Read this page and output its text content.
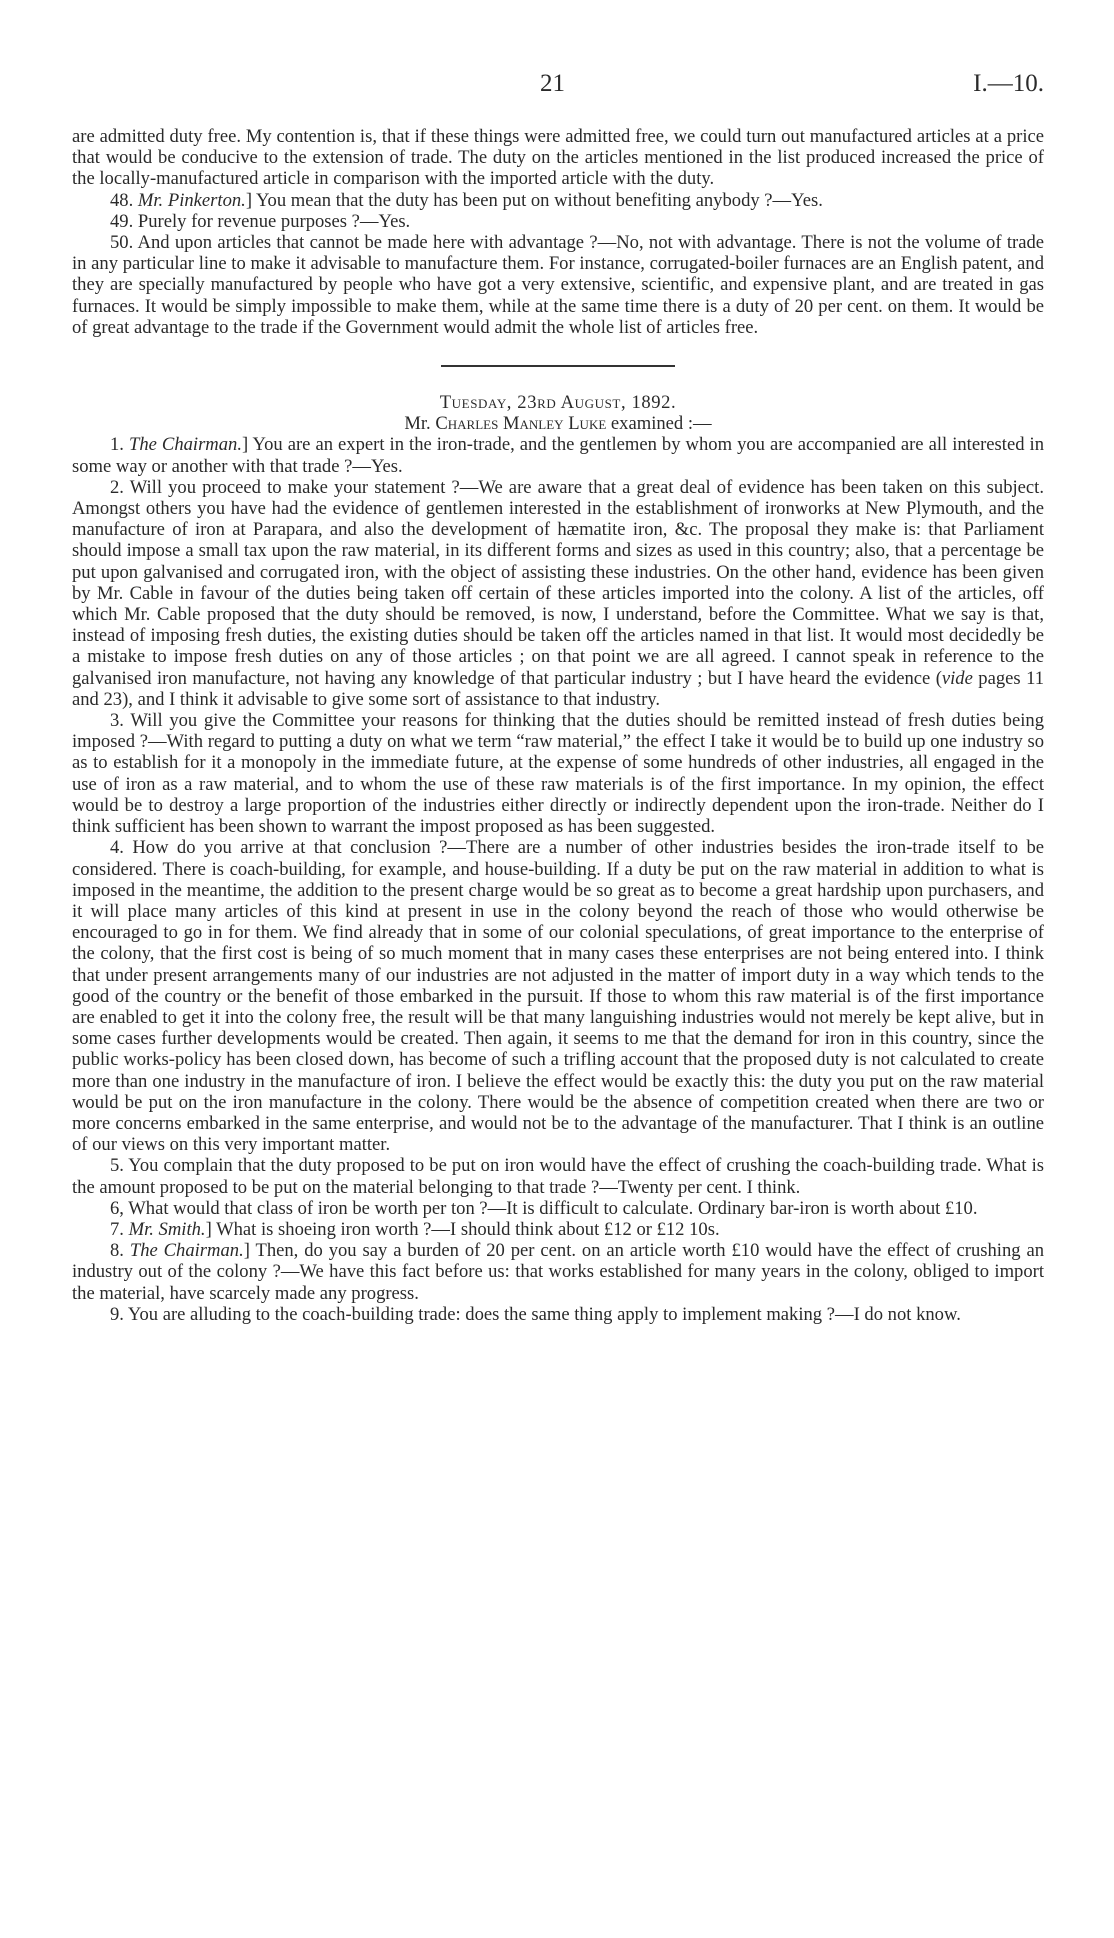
21	I.—10.

are admitted duty free. My contention is, that if these things were admitted free, we could turn out manufactured articles at a price that would be conducive to the extension of trade. The duty on the articles mentioned in the list produced increased the price of the locally-manufactured article in comparison with the imported article with the duty.

48. Mr. Pinkerton.] You mean that the duty has been put on without benefiting anybody ?—Yes.

49. Purely for revenue purposes ?—Yes.

50. And upon articles that cannot be made here with advantage ?—No, not with advantage. There is not the volume of trade in any particular line to make it advisable to manufacture them. For instance, corrugated-boiler furnaces are an English patent, and they are specially manufactured by people who have got a very extensive, scientific, and expensive plant, and are treated in gas furnaces. It would be simply impossible to make them, while at the same time there is a duty of 20 per cent. on them. It would be of great advantage to the trade if the Government would admit the whole list of articles free.

Tuesday, 23rd August, 1892.

Mr. Charles Manley Luke examined :—

1. The Chairman.] You are an expert in the iron-trade, and the gentlemen by whom you are accompanied are all interested in some way or another with that trade ?—Yes.

2. Will you proceed to make your statement ?—We are aware that a great deal of evidence has been taken on this subject. Amongst others you have had the evidence of gentlemen interested in the establishment of ironworks at New Plymouth, and the manufacture of iron at Parapara, and also the development of hæmatite iron, &c. The proposal they make is: that Parliament should impose a small tax upon the raw material, in its different forms and sizes as used in this country; also, that a percentage be put upon galvanised and corrugated iron, with the object of assisting these industries. On the other hand, evidence has been given by Mr. Cable in favour of the duties being taken off certain of these articles imported into the colony. A list of the articles, off which Mr. Cable proposed that the duty should be removed, is now, I understand, before the Committee. What we say is that, instead of imposing fresh duties, the existing duties should be taken off the articles named in that list. It would most decidedly be a mistake to impose fresh duties on any of those articles ; on that point we are all agreed. I cannot speak in reference to the galvanised iron manufacture, not having any knowledge of that particular industry ; but I have heard the evidence (vide pages 11 and 23), and I think it advisable to give some sort of assistance to that industry.

3. Will you give the Committee your reasons for thinking that the duties should be remitted instead of fresh duties being imposed ?—With regard to putting a duty on what we term “raw material,” the effect I take it would be to build up one industry so as to establish for it a monopoly in the immediate future, at the expense of some hundreds of other industries, all engaged in the use of iron as a raw material, and to whom the use of these raw materials is of the first importance. In my opinion, the effect would be to destroy a large proportion of the industries either directly or indirectly dependent upon the iron-trade. Neither do I think sufficient has been shown to warrant the impost proposed as has been suggested.

4. How do you arrive at that conclusion ?—There are a number of other industries besides the iron-trade itself to be considered. There is coach-building, for example, and house-building. If a duty be put on the raw material in addition to what is imposed in the meantime, the addition to the present charge would be so great as to become a great hardship upon purchasers, and it will place many articles of this kind at present in use in the colony beyond the reach of those who would otherwise be encouraged to go in for them. We find already that in some of our colonial speculations, of great importance to the enterprise of the colony, that the first cost is being of so much moment that in many cases these enterprises are not being entered into. I think that under present arrangements many of our industries are not adjusted in the matter of import duty in a way which tends to the good of the country or the benefit of those embarked in the pursuit. If those to whom this raw material is of the first importance are enabled to get it into the colony free, the result will be that many languishing industries would not merely be kept alive, but in some cases further developments would be created. Then again, it seems to me that the demand for iron in this country, since the public works-policy has been closed down, has become of such a trifling account that the proposed duty is not calculated to create more than one industry in the manufacture of iron. I believe the effect would be exactly this: the duty you put on the raw material would be put on the iron manufacture in the colony. There would be the absence of competition created when there are two or more concerns embarked in the same enterprise, and would not be to the advantage of the manufacturer. That I think is an outline of our views on this very important matter.

5. You complain that the duty proposed to be put on iron would have the effect of crushing the coach-building trade. What is the amount proposed to be put on the material belonging to that trade ?—Twenty per cent. I think.

6, What would that class of iron be worth per ton ?—It is difficult to calculate. Ordinary bar-iron is worth about £10.

7. Mr. Smith.] What is shoeing iron worth ?—I should think about £12 or £12 10s.

8. The Chairman.] Then, do you say a burden of 20 per cent. on an article worth £10 would have the effect of crushing an industry out of the colony ?—We have this fact before us: that works established for many years in the colony, obliged to import the material, have scarcely made any progress.

9. You are alluding to the coach-building trade: does the same thing apply to implement making ?—I do not know.
